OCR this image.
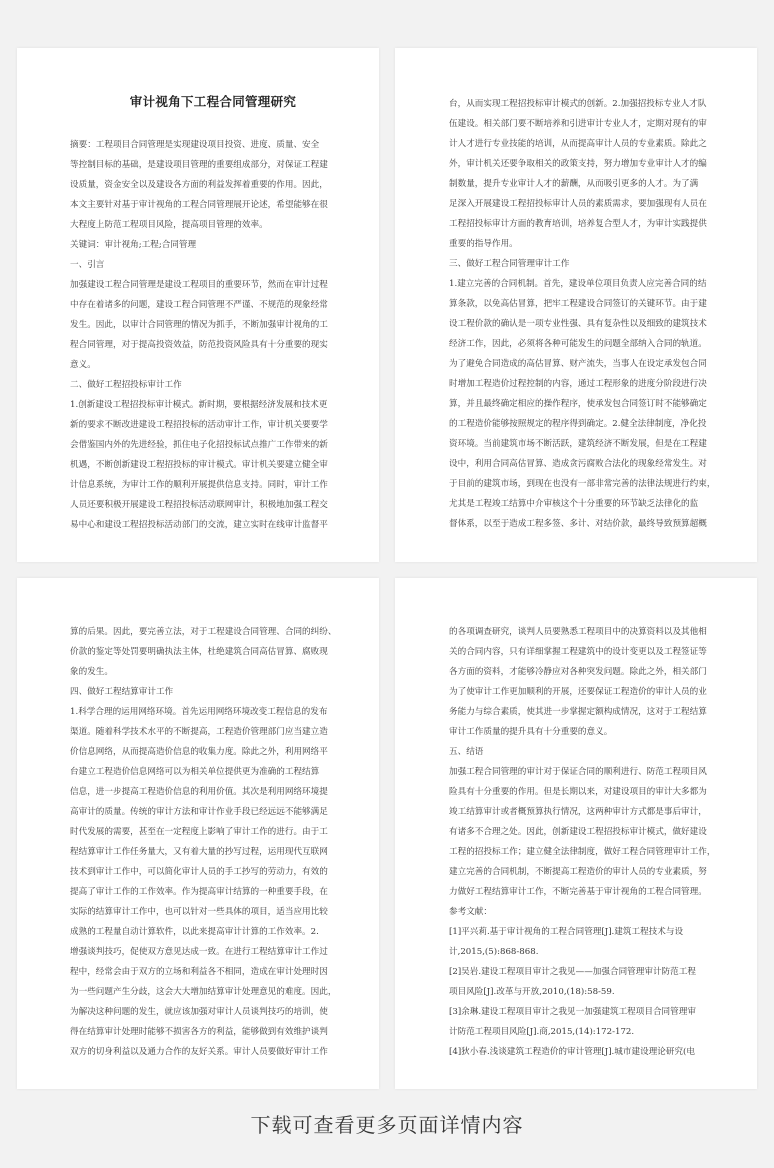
审计视角下工程合同管理研究
摘要：工程项目合同管理是实现建设项目投资、进度、质量、安全
等控制目标的基础，是建设项目管理的重要组成部分，对保证工程建
设质量，资金安全以及建设各方面的利益发挥着重要的作用。因此，
本文主要针对基于审计视角的工程合同管理展开论述，希望能够在很
大程度上防范工程项目风险，提高项目管理的效率。
关键词：审计视角;工程;合同管理
一、引言
加强建设工程合同管理是建设工程项目的重要环节，然而在审计过程
中存在着诸多的问题，建设工程合同管理不严谨、不规范的现象经常
发生。因此，以审计合同管理的情况为抓手，不断加强审计视角的工
程合同管理，对于提高投资效益，防范投资风险具有十分重要的现实
意义。
二、做好工程招投标审计工作
1.创新建设工程招投标审计模式。新时期，要根据经济发展和技术更
新的要求不断改进建设工程招投标的活动审计工作，审计机关要要学
会借鉴国内外的先进经验，抓住电子化招投标试点推广工作带来的新
机遇，不断创新建设工程招投标的审计模式。审计机关要建立健全审
计信息系统，为审计工作的顺利开展提供信息支持。同时，审计工作
人员还要积极开展建设工程招投标活动联网审计，积极地加强工程交
易中心和建设工程招投标活动部门的交流，建立实时在线审计监督平
台，从而实现工程招投标审计模式的创新。2.加强招投标专业人才队
伍建设。相关部门要不断培养和引进审计专业人才，定期对现有的审
计人才进行专业技能的培训，从而提高审计人员的专业素质。除此之
外，审计机关还要争取相关的政策支持，努力增加专业审计人才的编
制数量，提升专业审计人才的薪酬，从而吸引更多的人才。为了满
足深入开展建设工程招投标审计人员的素质需求，要加强现有人员在
工程招投标审计方面的教育培训，培养复合型人才，为审计实践提供
重要的指导作用。
三、做好工程合同管理审计工作
1.建立完善的合同机制。首先，建设单位项目负责人应完善合同的结
算条款，以免高估冒算，把牢工程建设合同签订的关键环节。由于建
设工程价款的确认是一项专业性强、具有复杂性以及细致的建筑技术
经济工作，因此，必须将各种可能发生的问题全部纳入合同的轨道。
为了避免合同造成的高估冒算、财产流失，当事人在设定承发包合同
时增加工程造价过程控制的内容，通过工程形象的进度分阶段进行决
算，并且最终确定相应的操作程序，使承发包合同签订时不能够确定
的工程造价能够按照规定的程序得到确定。2.健全法律制度，净化投
资环境。当前建筑市场不断活跃，建筑经济不断发展，但是在工程建
设中，利用合同高估冒算、造成贪污腐败合法化的现象经常发生。对
于目前的建筑市场，到现在也没有一部非常完善的法律法规进行约束，
尤其是工程竣工结算中介审核这个十分重要的环节缺乏法律化的监
督体系，以至于造成工程多签、多计、对结价款，最终导致预算超概
算的后果。因此，要完善立法，对于工程建设合同管理、合同的纠纷、
价款的鉴定等处罚要明确执法主体，杜绝建筑合同高估冒算、腐败现
象的发生。
四、做好工程结算审计工作
1.科学合理的运用网络环境。首先运用网络环境改变工程信息的发布
渠道。随着科学技术水平的不断提高，工程造价管理部门应当建立造
价信息网络，从而提高造价信息的收集力度。除此之外，利用网络平
台建立工程造价信息网络可以为相关单位提供更为准确的工程结算
信息，进一步提高工程造价信息的利用价值。其次是利用网络环境提
高审计的质量。传统的审计方法和审计作业手段已经远远不能够满足
时代发展的需要，甚至在一定程度上影响了审计工作的进行。由于工
程结算审计工作任务量大，又有着大量的抄写过程，运用现代互联网
技术到审计工作中，可以简化审计人员的手工抄写的劳动力，有效的
提高了审计工作的工作效率。作为提高审计结算的一种重要手段，在
实际的结算审计工作中，也可以针对一些具体的项目，适当应用比较
成熟的工程量自动计算软件，以此来提高审计计算的工作效率。2.
增强谈判技巧，促使双方意见达成一致。在进行工程结算审计工作过
程中，经常会由于双方的立场和利益各不相同，造成在审计处理时因
为一些问题产生分歧，这会大大增加结算审计处理意见的难度。因此，
为解决这种问题的发生，就应该加强对审计人员谈判技巧的培训，使
得在结算审计处理时能够不损害各方的利益，能够做到有效维护谈判
双方的切身利益以及通力合作的友好关系。审计人员要做好审计工作
的各项调查研究，谈判人员要熟悉工程项目中的决算资料以及其他相
关的合同内容，只有详细掌握工程建筑中的设计变更以及工程签证等
各方面的资料，才能够冷静应对各种突发问题。除此之外，相关部门
为了使审计工作更加顺利的开展，还要保证工程造价的审计人员的业
务能力与综合素质，使其进一步掌握定额构成情况，这对于工程结算
审计工作质量的提升具有十分重要的意义。
五、结语
加强工程合同管理的审计对于保证合同的顺利进行、防范工程项目风
险具有十分重要的作用。但是长期以来，对建设项目的审计大多都为
竣工结算审计或者概预算执行情况，这两种审计方式都是事后审计，
有诸多不合理之处。因此，创新建设工程招投标审计模式，做好建设
工程的招投标工作；建立健全法律制度，做好工程合同管理审计工作，
建立完善的合同机制，不断提高工程造价的审计人员的专业素质，努
力做好工程结算审计工作，不断完善基于审计视角的工程合同管理。
参考文献：
[1]平兴莉.基于审计视角的工程合同管理[J].建筑工程技术与设
计,2015,(5):868-868.
[2]吴岩.建设工程项目审计之我见——加强合同管理审计防范工程
项目风险[J].改革与开放,2010,(18):58-59.
[3]余琳.建设工程项目审计之我见一加强建筑工程项目合同管理审
计防范工程项目风险[J].商,2015,(14):172-172.
[4]狄小春.浅谈建筑工程造价的审计管理[J].城市建设理论研究(电
下载可查看更多页面详情内容
